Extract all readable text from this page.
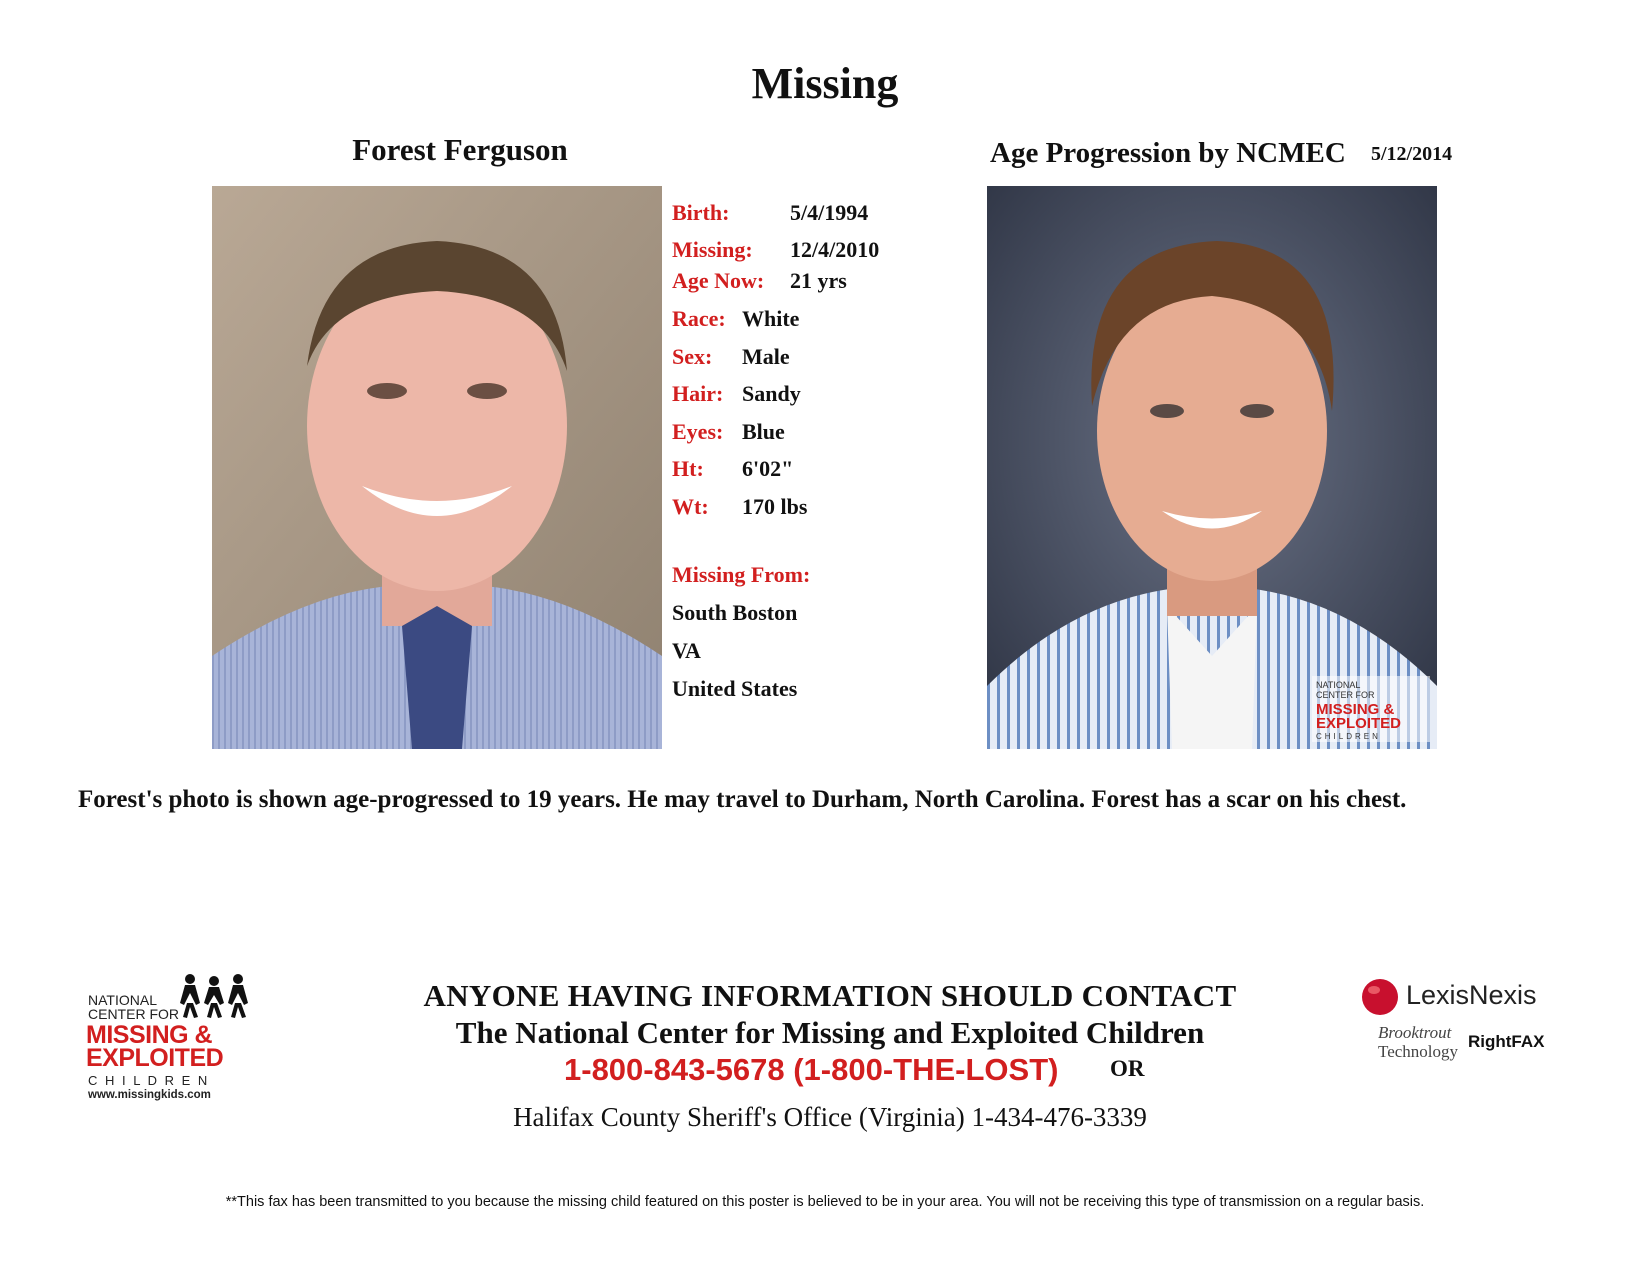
Missing
Forest Ferguson	Age Progression by NCMEC 5/12/2014
NATIONAL
CENTER FOR
MISSING &
EXPLOITED
CHILDREN
Birth:	5/4/1994
Missing: 12/4/2010
Age Now: 21 yrs
Race: White
Sex: Male
Hair: Sandy
Eyes: Blue
Ht: 6'02"
Wt: 170 lbs
Missing From:
South Boston
VA
United States
Forest's photo is shown age-progressed to 19 years. He may travel to Durham, North Carolina. Forest has a scar on his chest.
NATIONAL
CENTER FOR
MISSING &
EXPLOITED
C H I L D R E N
www.missingkids.com
ANYONE HAVING INFORMATION SHOULD CONTACT
The National Center for Missing and Exploited Children
1-800-843-5678 (1-800-THE-LOST) OR
Halifax County Sheriff's Office (Virginia) 1-434-476-3339
LexisNexis
Brooktrout
Technology
RightFAX
**This fax has been transmitted to you because the missing child featured on this poster is believed to be in your area. You will not be receiving this type of transmission on a regular basis.
